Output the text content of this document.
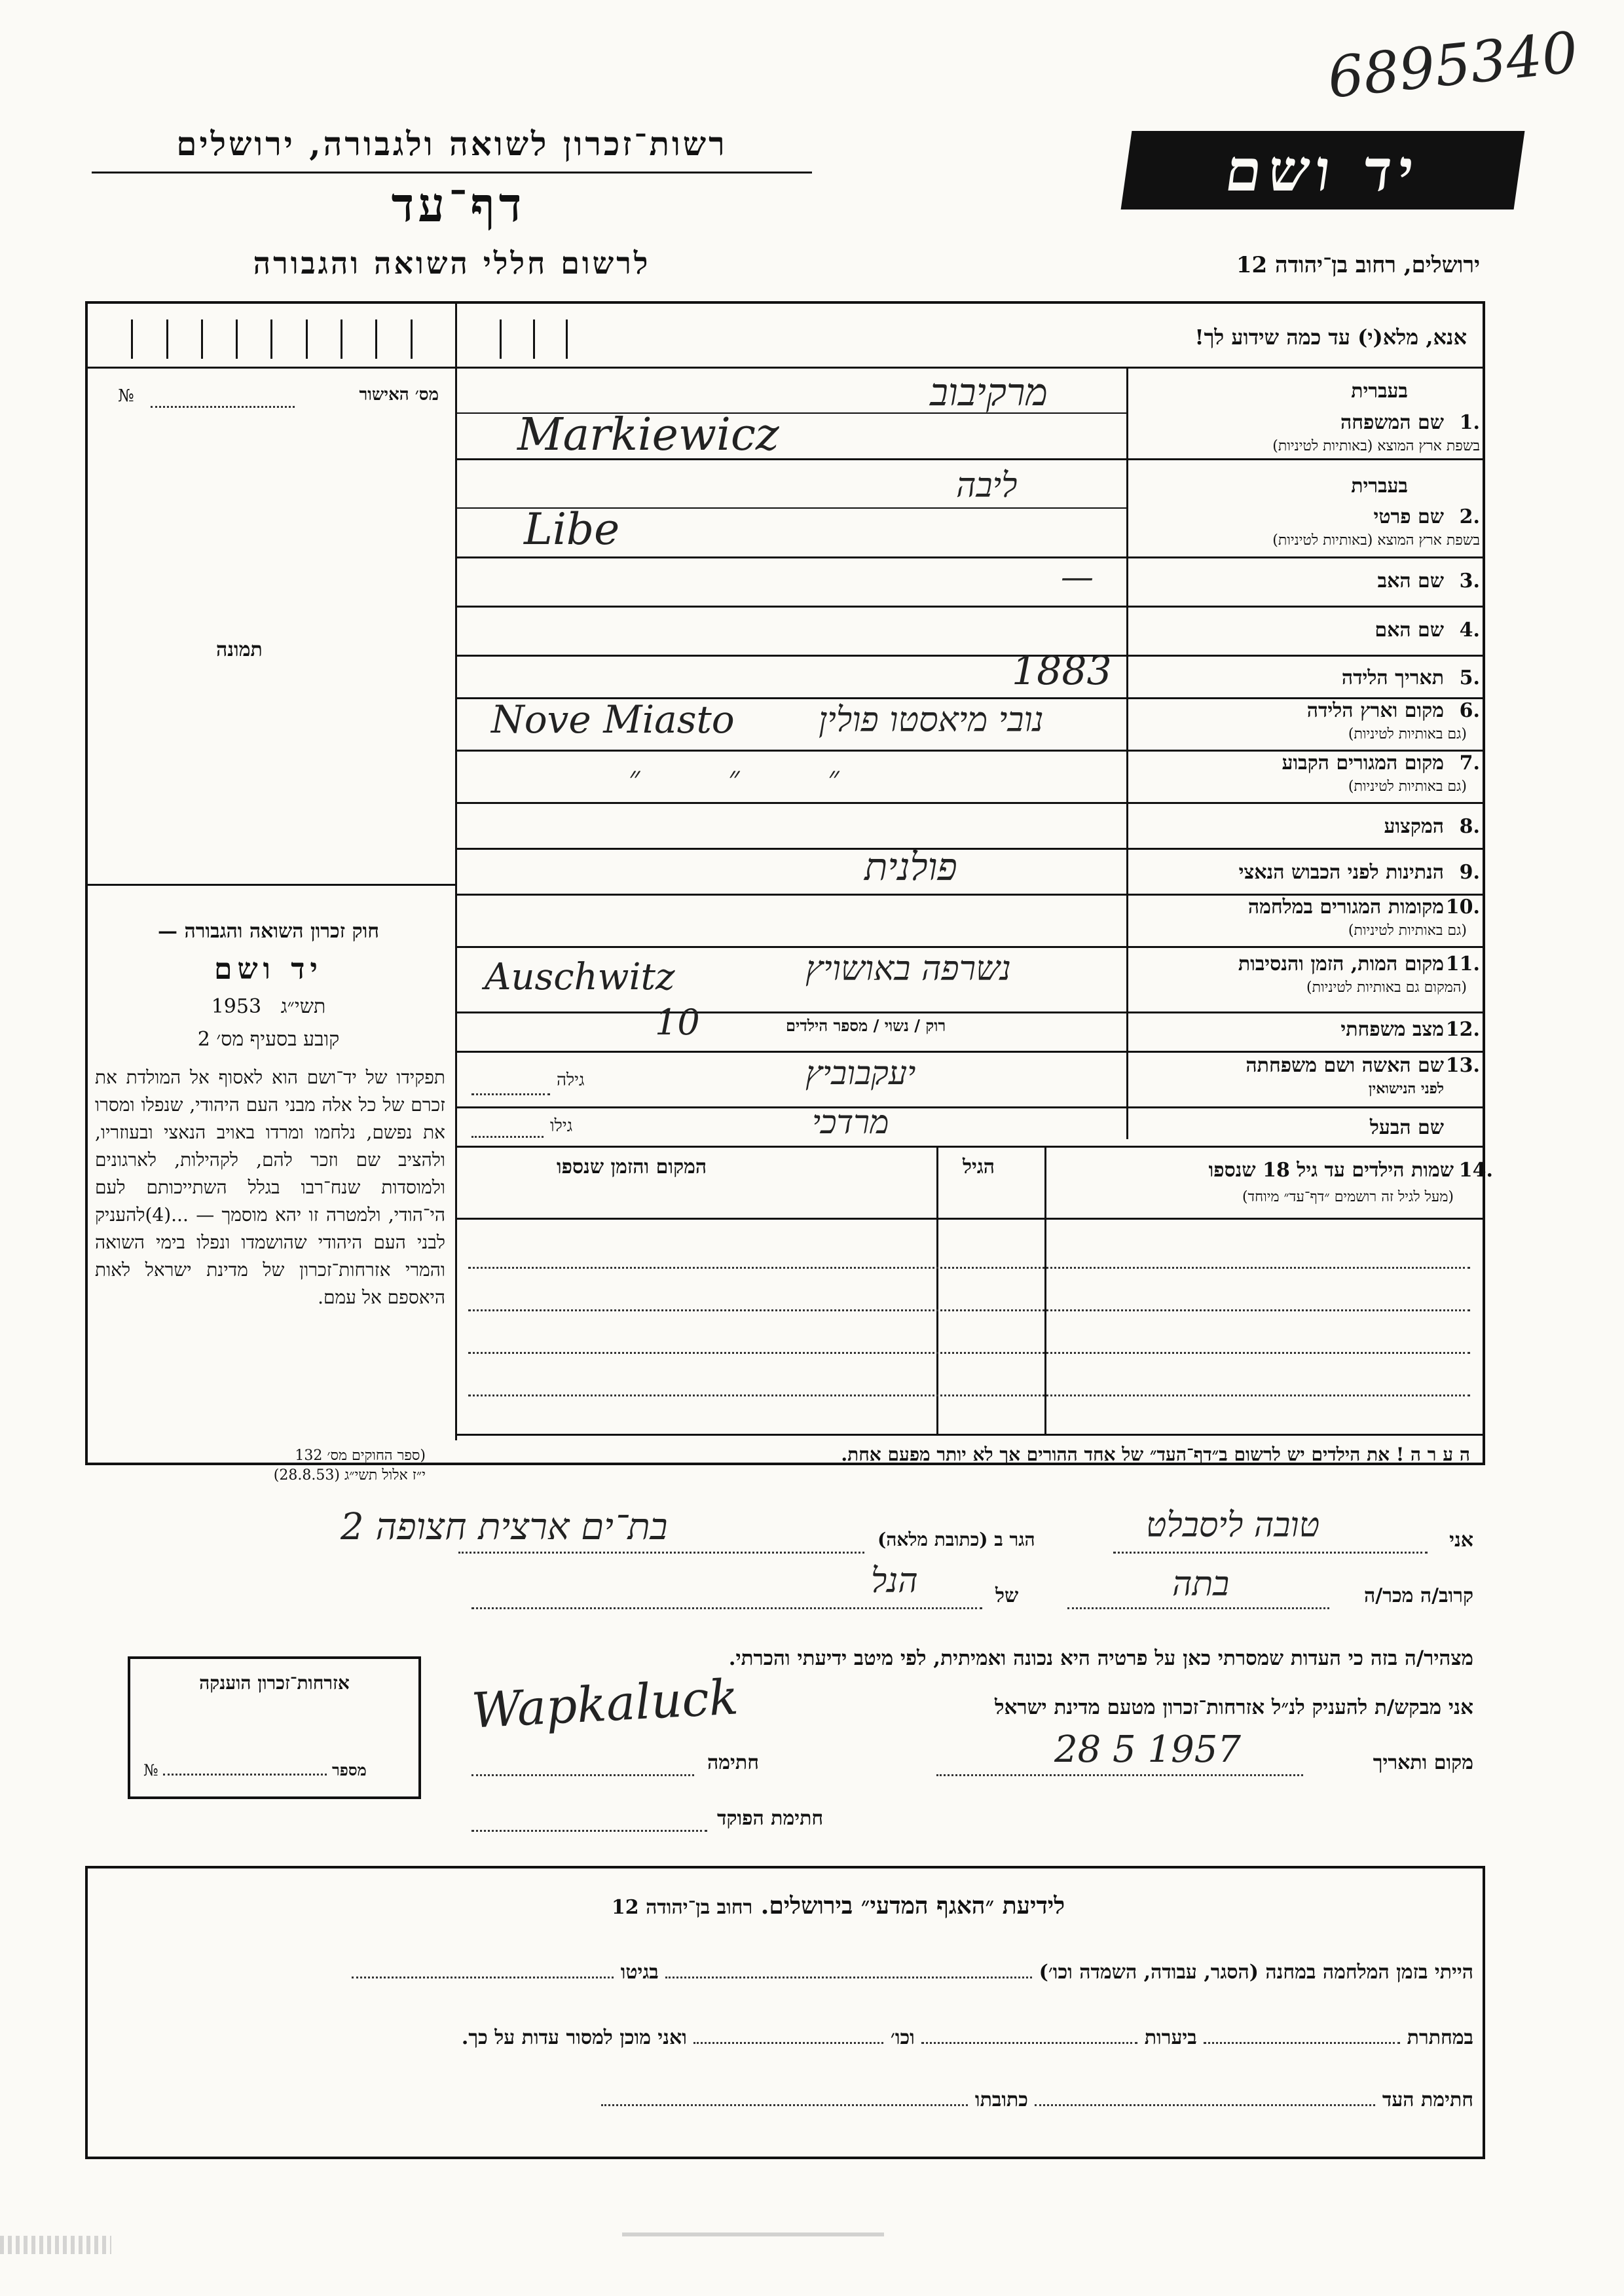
6895340
רשות־זכרון לשואה ולגבורה, ירושלים
דף־עד
לרשום חללי השואה והגבורה
יד ושם
ירושלים, רחוב בן־יהודה 12
אנא, מלא(י) עד כמה שידוע לך!
מס׳ האישור
№
תמונה
חוק זכרון השואה והגבורה —
יד ושם
1953 תשי״ג
קובע בסעיף מס׳ 2
תפקידו של יד־ושם הוא לאסוף אל המולדת את זכרם של כל אלה מבני העם היהודי, שנפלו ומסרו את נפשם, נלחמו ומרדו באויב הנאצי ובעוזריו, ולהציב שם וזכר להם, לקהילות, לארגונים ולמוסדות שנח־רבו בגלל השתייכותם לעם הי־הודי, ולמטרה זו יהא מוסמך — ...(4)להעניק לבני העם היהודי שהושמדו ונפלו בימי השואה והמרי אזרחות־זכרון של מדינת ישראל לאות היאספם אל עמם.
(ספר החוקים מס׳ 132
י״ז אלול תשי״ג (28.8.53)
בעברית
1.
שם המשפחה
בשפת ארץ המוצא (באותיות לטיניות)
מרקיבוב
Markiewicz
בעברית
2.
שם פרטי
בשפת ארץ המוצא (באותיות לטיניות)
ליבה
Libe
3.
שם האב
—
4.
שם האם
5.
תאריך הלידה
1883
6.
מקום וארץ הלידה
(גם באותיות לטיניות)
Nove Miasto נובי מיאסטו פולין
7.
מקום המגורים הקבוע
(גם באותיות לטיניות)
״ ״ ״
8.
המקצוע
9.
הנתינות לפני הכבוש הנאצי
פולנית
10.
מקומות המגורים במלחמה
(גם באותיות לטיניות)
11.
מקום המות, הזמן והנסיבות
(המקום גם באותיות לטיניות)
Auschwitz	נשרפה באושויץ
12.
מצב משפחתי
רוק / נשוי / מספר הילדים
10
13.
שם האשה ושם משפחתה
לפני הנישואין
גילה	יעקבוביץ
שם הבעל
גילו	מרדכי
14.
שמות הילדים עד גיל 18 שנספו
(מעל לגיל זה רושמים ״דף־עד״ מיוחד)
הגיל
המקום והזמן שנספו
ה ע ר ה ! את הילדים יש לרשום ב״דף־העד״ של אחד ההורים אך לא יותר מפעם אחת.
אני
טובה ליסבלט
הגר ב (כתובת מלאה)
בת־ים ארצית חצופה 2
קרוב/ה מכר/ה
בתה
של
הנל
מצהיר/ה בזה כי העדות שמסרתי כאן על פרטיה היא נכונה ואמיתית, לפי מיטב ידיעתי והכרתי.
אני מבקש/ת להעניק לנ״ל אזרחות־זכרון מטעם מדינת ישראל
Wapkaluck
מקום ותאריך
28 5 1957
חתימה
חתימת הפוקד
אזרחות־זכרון הוענקה
№	מספר
לידיעת ״האגף המדעי״ בירושלים. רחוב בן־יהודה 12
הייתי בזמן המלחמה במחנה (הסגר, עבודה, השמדה וכו׳)  בגיטו
במחתרת  ביערות  וכו׳  ואני מוכן למסור עדות על כך.
חתימת העד  כתובתו
